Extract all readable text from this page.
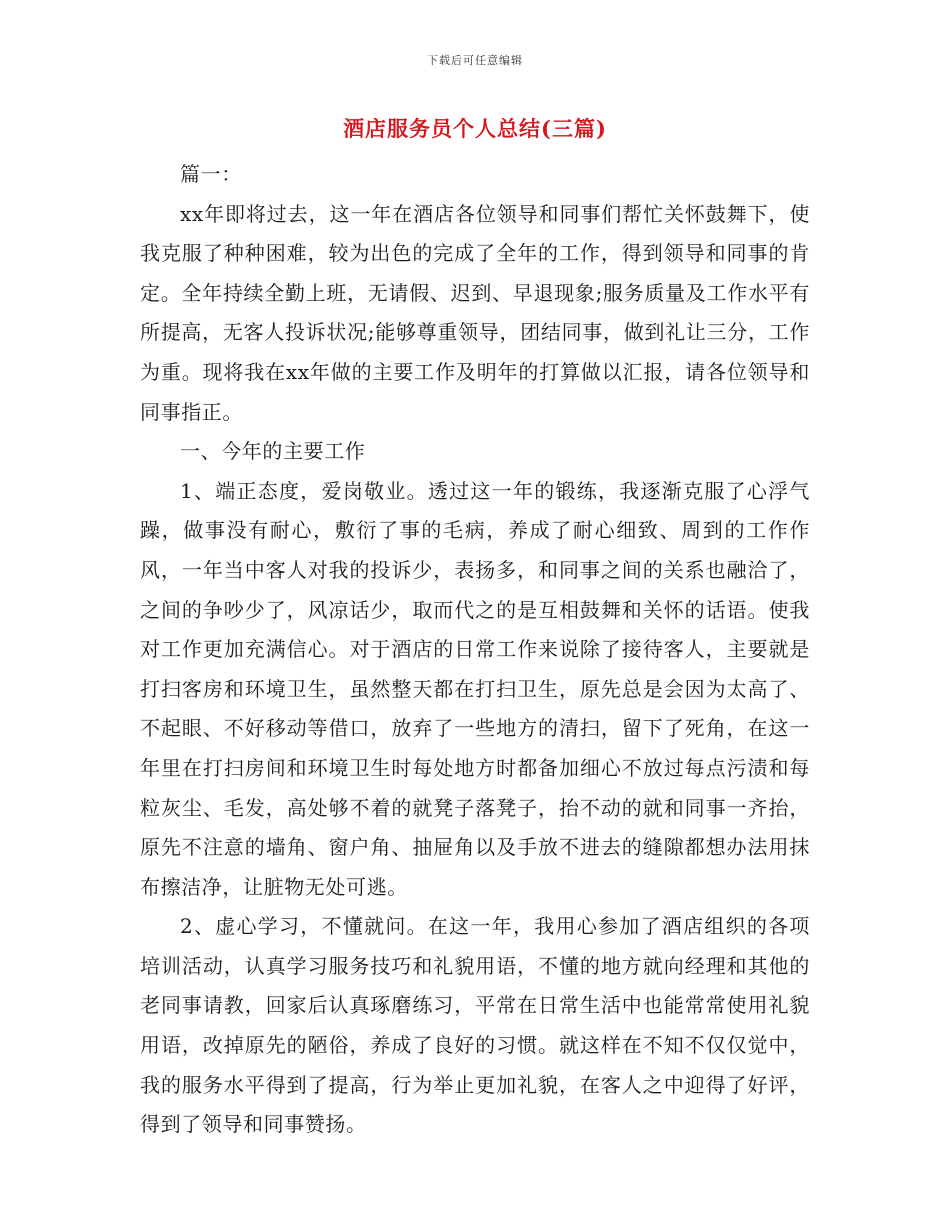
下载后可任意编辑
酒店服务员个人总结(三篇)

篇一：

xx年即将过去，这一年在酒店各位领导和同事们帮忙关怀鼓舞下，使我克服了种种困难，较为出色的完成了全年的工作，得到领导和同事的肯定。全年持续全勤上班，无请假、迟到、早退现象;服务质量及工作水平有所提高，无客人投诉状况;能够尊重领导，团结同事，做到礼让三分，工作为重。现将我在xx年做的主要工作及明年的打算做以汇报，请各位领导和同事指正。

一、今年的主要工作

1、端正态度，爱岗敬业。透过这一年的锻练，我逐渐克服了心浮气躁，做事没有耐心，敷衍了事的毛病，养成了耐心细致、周到的工作作风，一年当中客人对我的投诉少，表扬多，和同事之间的关系也融洽了，之间的争吵少了，风凉话少，取而代之的是互相鼓舞和关怀的话语。使我对工作更加充满信心。对于酒店的日常工作来说除了接待客人，主要就是打扫客房和环境卫生，虽然整天都在打扫卫生，原先总是会因为太高了、不起眼、不好移动等借口，放弃了一些地方的清扫，留下了死角，在这一年里在打扫房间和环境卫生时每处地方时都备加细心不放过每点污渍和每粒灰尘、毛发，高处够不着的就凳子落凳子，抬不动的就和同事一齐抬，原先不注意的墙角、窗户角、抽屉角以及手放不进去的缝隙都想办法用抹布擦洁净，让脏物无处可逃。

2、虚心学习，不懂就问。在这一年，我用心参加了酒店组织的各项培训活动，认真学习服务技巧和礼貌用语，不懂的地方就向经理和其他的老同事请教，回家后认真琢磨练习，平常在日常生活中也能常常使用礼貌用语，改掉原先的陋俗，养成了良好的习惯。就这样在不知不仅仅觉中，我的服务水平得到了提高，行为举止更加礼貌，在客人之中迎得了好评，得到了领导和同事赞扬。
